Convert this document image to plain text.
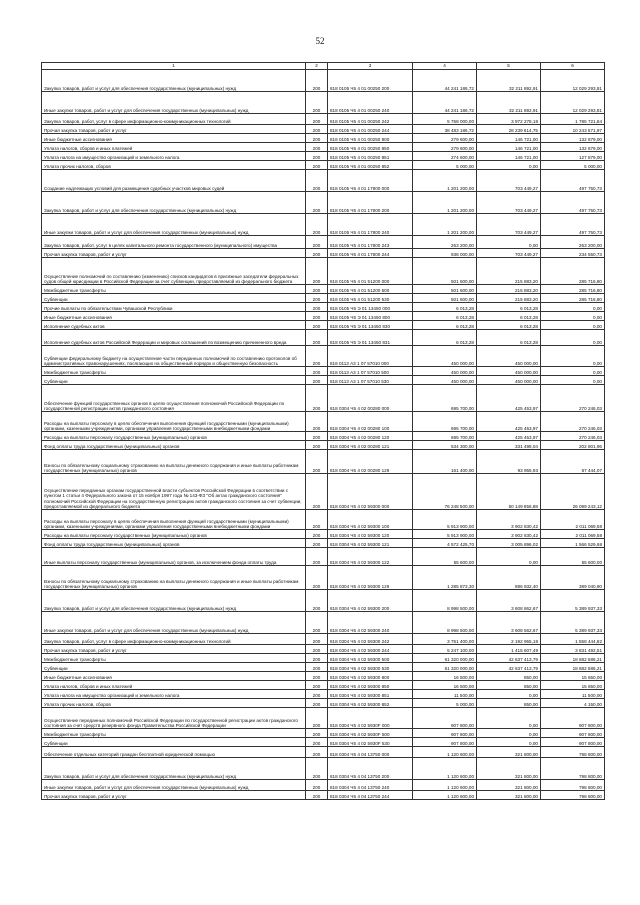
52
1	2	3	4	5	6
Закупка товаров, работ и услуг для обеспечения государственных (муниципальных) нужд	200	818 0105 Ч5 4 01 00250 200	44 241 186,72	32 211 892,91	12 029 293,81
Иные закупки товаров, работ и услуг для обеспечения государственных (муниципальных) нужд	200	818 0105 Ч5 4 01 00250 240	44 241 186,72	32 211 892,91	12 029 293,81
Закупка товаров, работ, услуг в сфере информационно-коммуникационных технологий	200	818 0105 Ч5 4 01 00250 242	5 758 000,00	3 972 278,18	1 785 721,84
Прочая закупка товаров, работ и услуг	200	818 0105 Ч5 4 01 00250 244	38 483 186,72	28 239 614,75	10 243 571,97
Иные бюджетные ассигнования	200	818 0105 Ч5 4 01 00250 800	279 600,00	146 721,00	132 879,00
Уплата налогов, сборов и иных платежей	200	818 0105 Ч5 4 01 00250 850	279 600,00	146 721,00	132 879,00
Уплата налога на имущество организаций и земельного налога	200	818 0105 Ч5 4 01 00250 851	274 600,00	146 721,00	127 879,00
Уплата прочих налогов, сборов	200	818 0105 Ч5 4 01 00250 852	5 000,00	0,00	5 000,00
Создание надлежащих условий для размещения судебных участков мировых судей	200	818 0105 Ч5 4 01 17800 000	1 201 200,00	703 449,27	497 750,73
Закупка товаров, работ и услуг для обеспечения государственных (муниципальных) нужд	200	818 0105 Ч5 4 01 17800 200	1 201 200,00	703 449,27	497 750,73
Иные закупки товаров, работ и услуг для обеспечения государственных (муниципальных) нужд	200	818 0105 Ч5 4 01 17800 240	1 201 200,00	703 449,27	497 750,73
Закупка товаров, работ, услуг в целях капитального ремонта государственного (муниципального) имущества	200	818 0105 Ч5 4 01 17800 243	263 200,00	0,00	263 200,00
Прочая закупка товаров, работ и услуг	200	818 0105 Ч5 4 01 17800 244	938 000,00	703 449,27	234 550,73
Осуществление полномочий по составлению (изменению) списков кандидатов в присяжные заседатели федеральных судов общей юрисдикции в Российской Федерации за счет субвенции, предоставляемой из федерального бюджета	200	818 0105 Ч5 4 01 51200 000	501 600,00	215 883,20	285 716,80
Межбюджетные трансферты	200	818 0105 Ч5 4 01 51200 500	501 600,00	215 883,20	285 716,80
Субвенции	200	818 0105 Ч5 4 01 51200 530	501 600,00	215 883,20	285 716,80
Прочие выплаты по обязательствам Чувашской Республики	200	818 0105 Ч5 Э 01 13450 000	6 013,28	6 013,28	0,00
Иные бюджетные ассигнования	200	818 0105 Ч5 Э 01 13450 800	6 013,28	6 013,28	0,00
Исполнение судебных актов	200	818 0105 Ч5 Э 01 13450 830	6 013,28	6 013,28	0,00
Исполнение судебных актов Российской Федерации и мировых соглашений по возмещению причиненного вреда	200	818 0105 Ч5 Э 01 13450 831	6 013,28	6 013,28	0,00
Субвенции федеральному бюджету на осуществление части переданных полномочий по составлению протоколов об административных правонарушениях, посягающих на общественный порядок и общественную безопасность	200	818 0113 А3 1 07 57010 000	450 000,00	450 000,00	0,00
Межбюджетные трансферты	200	818 0113 А3 1 07 57010 500	450 000,00	450 000,00	0,00
Субвенции	200	818 0113 А3 1 07 57010 530	450 000,00	450 000,00	0,00
Обеспечение функций государственных органов в целях осуществления полномочий Российской Федерации по государственной регистрации актов гражданского состояния	200	818 0304 Ч5 4 02 00280 000	695 700,00	425 453,97	270 246,03
Расходы на выплаты персоналу в целях обеспечения выполнения функций государственными (муниципальными) органами, казенными учреждениями, органами управления государственными внебюджетными фондами	200	818 0304 Ч5 4 02 00280 100	695 700,00	425 453,97	270 246,03
Расходы на выплаты персоналу государственных (муниципальных) органов	200	818 0304 Ч5 4 02 00280 120	695 700,00	425 453,97	270 246,03
Фонд оплаты труда государственных (муниципальных) органов	200	818 0304 Ч5 4 02 00280 121	534 300,00	331 498,04	202 801,96
Взносы по обязательному социальному страхованию на выплаты денежного содержания и иные выплаты работникам государственных (муниципальных) органов	200	818 0304 Ч5 4 02 00280 129	161 400,00	93 955,93	67 444,07
Осуществление переданных органам государственной власти субъектов Российской Федерации в соответствии с пунктом 1 статьи 4 Федерального закона от 15 ноября 1997 года № 143-ФЗ "Об актах гражданского состояния" полномочий Российской Федерации на государственную регистрацию актов гражданского состояния за счет субвенции, предоставляемой из федерального бюджета	200	818 0304 Ч5 4 02 59300 000	76 248 500,00	50 149 856,88	26 099 243,12
Расходы на выплаты персоналу в целях обеспечения выполнения функций государственными (муниципальными) органами, казенными учреждениями, органами управления государственными внебюджетными фондами	200	818 0304 Ч5 4 02 59300 100	5 913 900,00	3 902 830,42	2 011 069,58
Расходы на выплаты персоналу государственных (муниципальных) органов	200	818 0304 Ч5 4 02 59300 120	5 913 900,00	3 902 830,42	2 011 069,58
Фонд оплаты труда государственных (муниципальных) органов	200	818 0304 Ч5 4 02 59300 121	4 572 425,70	3 005 896,02	1 566 529,68
Иные выплаты персоналу государственных (муниципальных) органов, за исключением фонда оплаты труда	200	818 0304 Ч5 4 02 59300 122	55 600,00	0,00	55 600,00
Взносы по обязательному социальному страхованию на выплаты денежного содержания и иные выплаты работникам государственных (муниципальных) органов	200	818 0304 Ч5 4 02 59300 129	1 285 873,30	896 932,40	389 040,90
Закупка товаров, работ и услуг для обеспечения государственных (муниципальных) нужд	200	818 0304 Ч5 4 02 59300 200	8 998 500,00	3 608 862,67	5 389 937,33
Иные закупки товаров, работ и услуг для обеспечения государственных (муниципальных) нужд	200	818 0304 Ч5 4 02 59300 240	8 998 500,00	3 608 562,67	5 389 937,33
Закупка товаров, работ, услуг в сфере информационно-коммуникационных технологий	200	818 0304 Ч5 4 02 59300 242	3 751 400,00	2 192 955,18	1 558 444,82
Прочая закупка товаров, работ и услуг	200	818 0304 Ч5 4 02 59300 244	5 247 100,00	1 415 607,49	3 831 492,51
Межбюджетные трансферты	200	818 0304 Ч5 4 02 59300 500	61 320 000,00	42 637 413,79	18 682 586,21
Субвенции	200	818 0304 Ч5 4 02 59300 530	61 320 000,00	42 637 413,79	18 682 586,21
Иные бюджетные ассигнования	200	818 0304 Ч5 4 02 59300 800	16 500,00	850,00	15 650,00
Уплата налогов, сборов и иных платежей	200	818 0304 Ч5 4 02 59300 850	16 500,00	850,00	15 650,00
Уплата налога на имущество организаций и земельного налога	200	818 0304 Ч5 4 02 59300 851	11 500,00	0,00	11 500,00
Уплата прочих налогов, сборов	200	818 0304 Ч5 4 02 59300 852	5 000,00	850,00	4 150,00
Осуществление переданных полномочий Российской Федерации по государственной регистрации актов гражданского состояния за счет средств резервного фонда Правительства Российской Федерации	200	818 0304 Ч5 4 02 5930F 000	907 800,00	0,00	907 800,00
Межбюджетные трансферты	200	818 0304 Ч5 4 02 5930F 500	907 800,00	0,00	907 800,00
Субвенции	200	818 0304 Ч5 4 02 5930F 530	907 800,00	0,00	907 800,00
Обеспечение отдельных категорий граждан бесплатной юридической помощью	200	818 0304 Ч5 4 04 13750 000	1 120 600,00	321 800,00	798 800,00
Закупка товаров, работ и услуг для обеспечения государственных (муниципальных) нужд	200	818 0304 Ч5 4 04 13750 200	1 120 600,00	321 800,00	798 800,00
Иные закупки товаров, работ и услуг для обеспечения государственных (муниципальных) нужд	200	818 0304 Ч5 4 04 13750 240	1 120 600,00	321 800,00	798 800,00
Прочая закупка товаров, работ и услуг	200	818 0304 Ч5 4 04 13750 244	1 120 600,00	321 800,00	798 800,00
